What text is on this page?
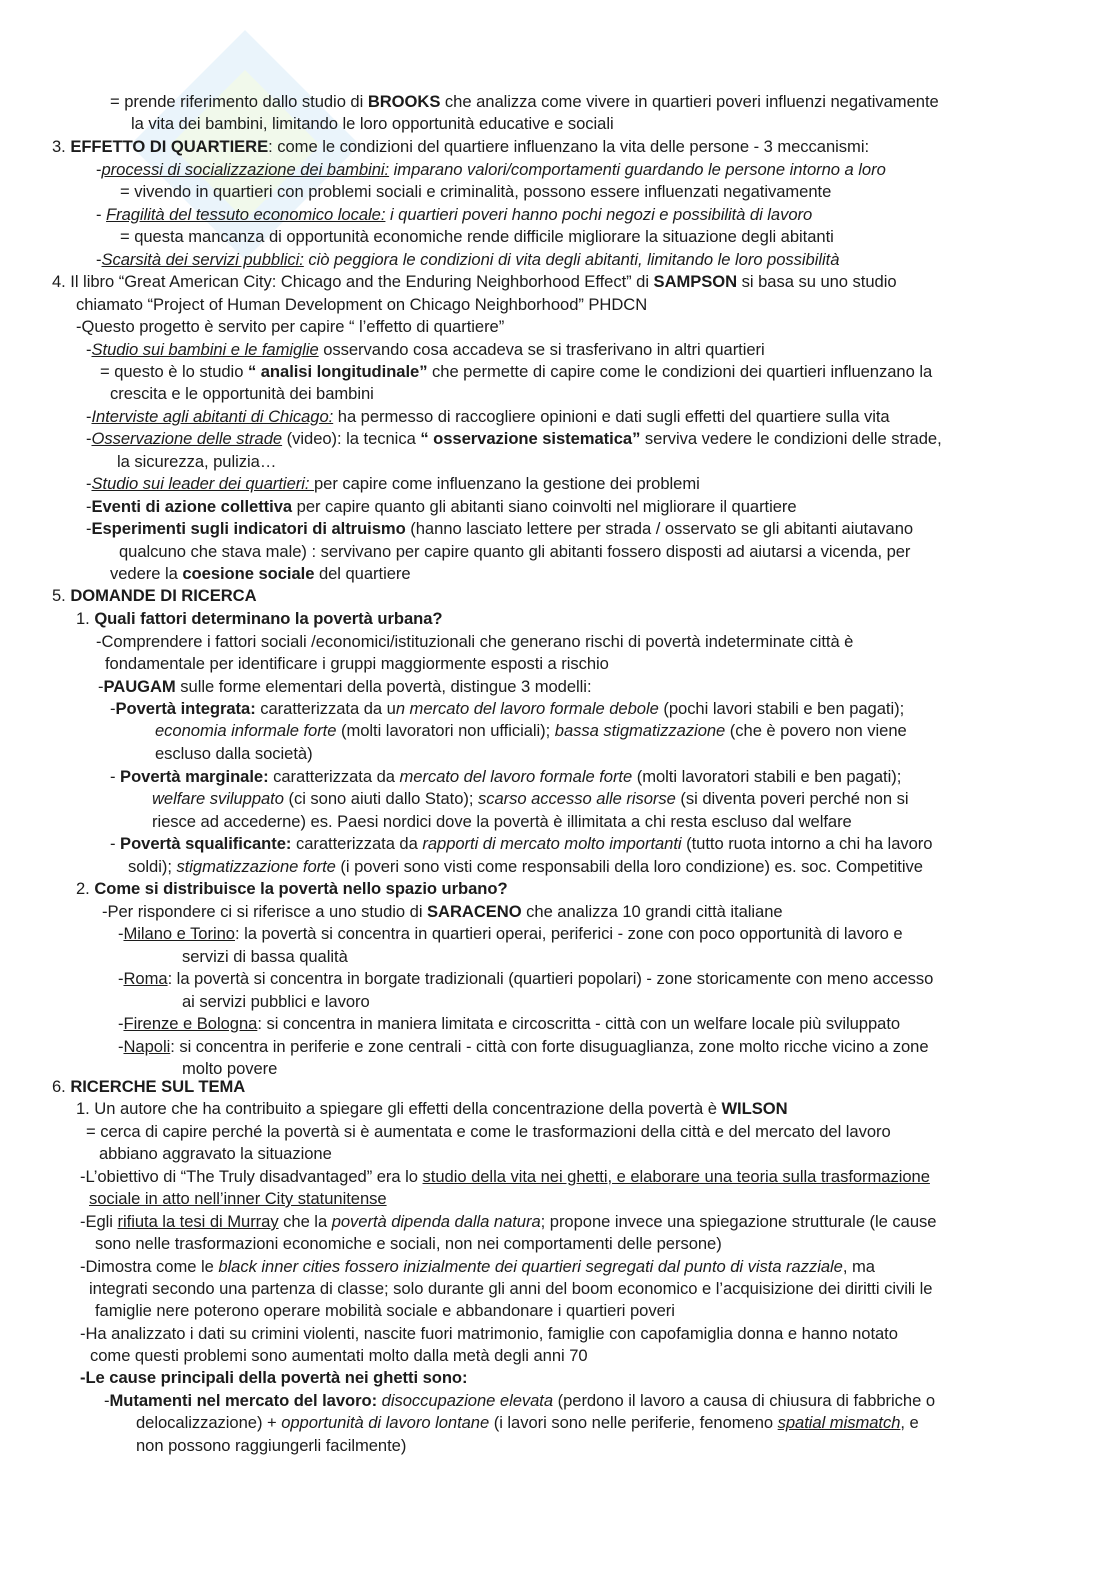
= prende riferimento dallo studio di BROOKS che analizza come vivere in quartieri poveri influenzi negativamente
la vita dei bambini, limitando le loro opportunità educative e sociali
3. EFFETTO DI QUARTIERE: come le condizioni del quartiere influenzano la vita delle persone - 3 meccanismi:
-processi di socializzazione dei bambini: imparano valori/comportamenti guardando le persone intorno a loro
= vivendo in quartieri con problemi sociali e criminalità, possono essere influenzati negativamente
- Fragilità del tessuto economico locale: i quartieri poveri hanno pochi negozi e possibilità di lavoro
= questa mancanza di opportunità economiche rende difficile migliorare la situazione degli abitanti
-Scarsità dei servizi pubblici: ciò peggiora le condizioni di vita degli abitanti, limitando le loro possibilità
4. Il libro “Great American City: Chicago and the Enduring Neighborhood Effect” di SAMPSON si basa su uno studio
chiamato “Project of Human Development on Chicago Neighborhood” PHDCN
-Questo progetto è servito per capire “ l’effetto di quartiere”
-Studio sui bambini e le famiglie osservando cosa accadeva se si trasferivano in altri quartieri
= questo è lo studio “ analisi longitudinale” che permette di capire come le condizioni dei quartieri influenzano la
crescita e le opportunità dei bambini
-Interviste agli abitanti di Chicago: ha permesso di raccogliere opinioni e dati sugli effetti del quartiere sulla vita
-Osservazione delle strade (video): la tecnica “ osservazione sistematica” serviva vedere le condizioni delle strade,
la sicurezza, pulizia…
-Studio sui leader dei quartieri: per capire come influenzano la gestione dei problemi
-Eventi di azione collettiva per capire quanto gli abitanti siano coinvolti nel migliorare il quartiere
-Esperimenti sugli indicatori di altruismo (hanno lasciato lettere per strada / osservato se gli abitanti aiutavano
qualcuno che stava male) : servivano per capire quanto gli abitanti fossero disposti ad aiutarsi a vicenda, per
vedere la coesione sociale del quartiere
5. DOMANDE DI RICERCA
1. Quali fattori determinano la povertà urbana?
-Comprendere i fattori sociali /economici/istituzionali che generano rischi di povertà indeterminate città è
fondamentale per identificare i gruppi maggiormente esposti a rischio
-PAUGAM sulle forme elementari della povertà, distingue 3 modelli:
-Povertà integrata: caratterizzata da un mercato del lavoro formale debole (pochi lavori stabili e ben pagati);
economia informale forte (molti lavoratori non ufficiali); bassa stigmatizzazione (che è povero non viene
escluso dalla società)
- Povertà marginale: caratterizzata da mercato del lavoro formale forte (molti lavoratori stabili e ben pagati);
welfare sviluppato (ci sono aiuti dallo Stato); scarso accesso alle risorse (si diventa poveri perché non si
riesce ad accederne) es. Paesi nordici dove la povertà è illimitata a chi resta escluso dal welfare
- Povertà squalificante: caratterizzata da rapporti di mercato molto importanti (tutto ruota intorno a chi ha lavoro
soldi); stigmatizzazione forte (i poveri sono visti come responsabili della loro condizione) es. soc. Competitive
2. Come si distribuisce la povertà nello spazio urbano?
-Per rispondere ci si riferisce a uno studio di SARACENO che analizza 10 grandi città italiane
-Milano e Torino: la povertà si concentra in quartieri operai, periferici - zone con poco opportunità di lavoro e
servizi di bassa qualità
-Roma: la povertà si concentra in borgate tradizionali (quartieri popolari) - zone storicamente con meno accesso
ai servizi pubblici e lavoro
-Firenze e Bologna: si concentra in maniera limitata e circoscritta - città con un welfare locale più sviluppato
-Napoli: si concentra in periferie e zone centrali - città con forte disuguaglianza, zone molto ricche vicino a zone
molto povere
6. RICERCHE SUL TEMA
1. Un autore che ha contribuito a spiegare gli effetti della concentrazione della povertà è WILSON
= cerca di capire perché la povertà si è aumentata e come le trasformazioni della città e del mercato del lavoro
abbiano aggravato la situazione
-L’obiettivo di “The Truly disadvantaged” era lo studio della vita nei ghetti, e elaborare una teoria sulla trasformazione
sociale in atto nell’inner City statunitense
-Egli rifiuta la tesi di Murray che la povertà dipenda dalla natura; propone invece una spiegazione strutturale (le cause
sono nelle trasformazioni economiche e sociali, non nei comportamenti delle persone)
-Dimostra come le black inner cities fossero inizialmente dei quartieri segregati dal punto di vista razziale, ma
integrati secondo una partenza di classe; solo durante gli anni del boom economico e l’acquisizione dei diritti civili le
famiglie nere poterono operare mobilità sociale e abbandonare i quartieri poveri
-Ha analizzato i dati su crimini violenti, nascite fuori matrimonio, famiglie con capofamiglia donna e hanno notato
come questi problemi sono aumentati molto dalla metà degli anni 70
-Le cause principali della povertà nei ghetti sono:
-Mutamenti nel mercato del lavoro: disoccupazione elevata (perdono il lavoro a causa di chiusura di fabbriche o
delocalizzazione) + opportunità di lavoro lontane (i lavori sono nelle periferie, fenomeno spatial mismatch, e
non possono raggiungerli facilmente)
